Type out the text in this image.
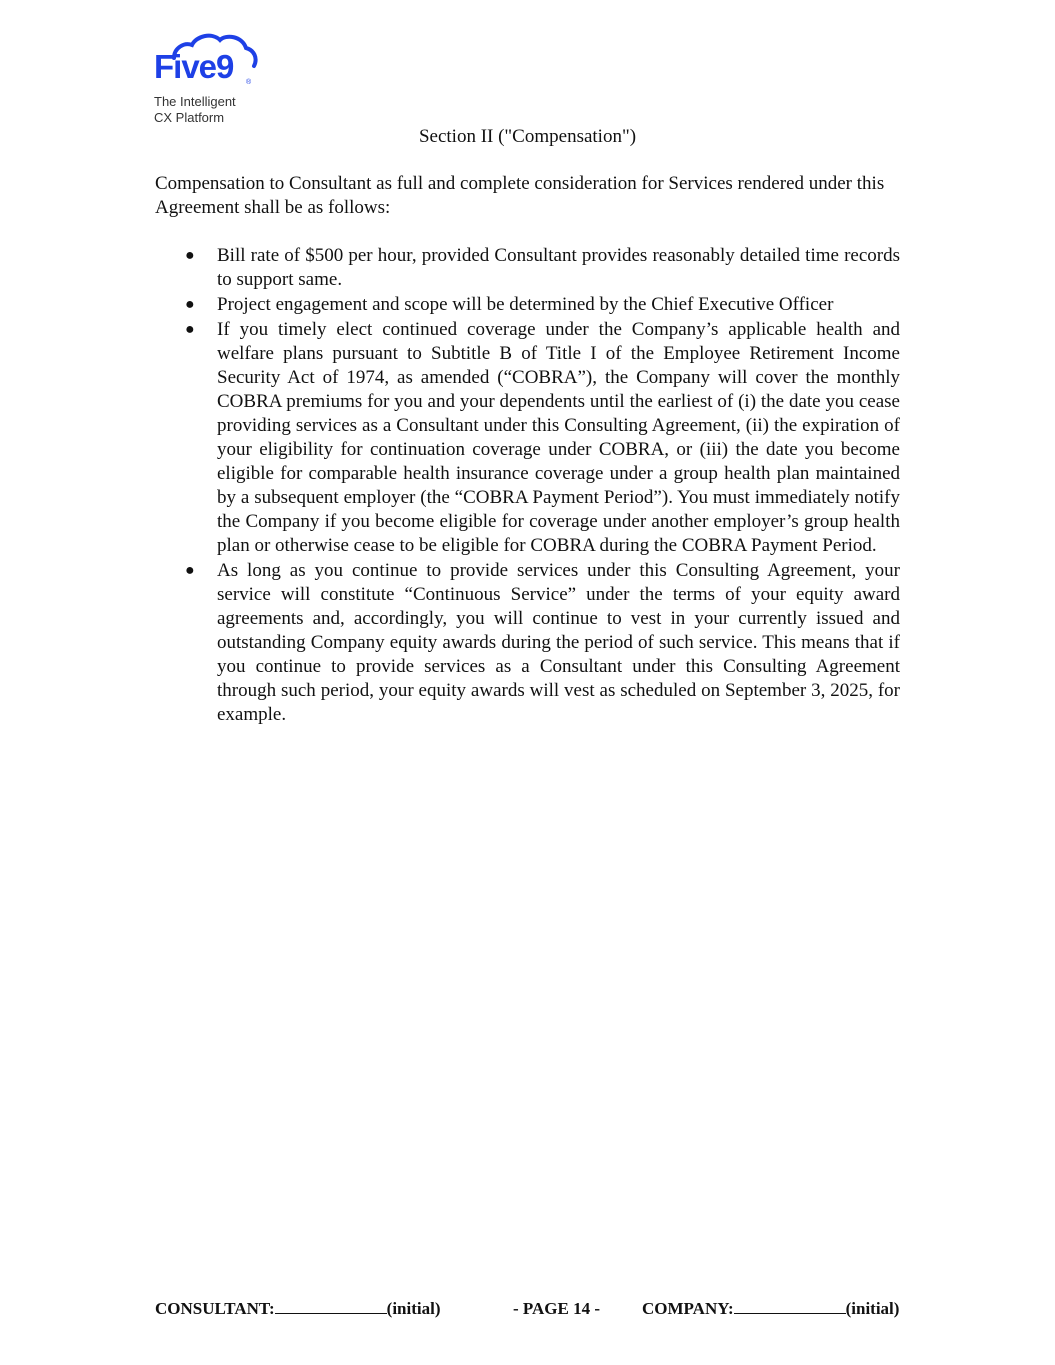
Five9 ®
The Intelligent
CX Platform
Section II ("Compensation")

Compensation to Consultant as full and complete consideration for Services rendered under this Agreement shall be as follows:

● Bill rate of $500 per hour, provided Consultant provides reasonably detailed time records to support same.
● Project engagement and scope will be determined by the Chief Executive Officer
● If you timely elect continued coverage under the Company’s applicable health and welfare plans pursuant to Subtitle B of Title I of the Employee Retirement Income Security Act of 1974, as amended (“COBRA”), the Company will cover the monthly COBRA premiums for you and your dependents until the earliest of (i) the date you cease providing services as a Consultant under this Consulting Agreement, (ii) the expiration of your eligibility for continuation coverage under COBRA, or (iii) the date you become eligible for comparable health insurance coverage under a group health plan maintained by a subsequent employer (the “COBRA Payment Period”). You must immediately notify the Company if you become eligible for coverage under another employer’s group health plan or otherwise cease to be eligible for COBRA during the COBRA Payment Period.
● As long as you continue to provide services under this Consulting Agreement, your service will constitute “Continuous Service” under the terms of your equity award agreements and, accordingly, you will continue to vest in your currently issued and outstanding Company equity awards during the period of such service. This means that if you continue to provide services as a Consultant under this Consulting Agreement through such period, your equity awards will vest as scheduled on September 3, 2025, for example.
CONSULTANT:	(initial)	- PAGE 14 - COMPANY:	(initial)
